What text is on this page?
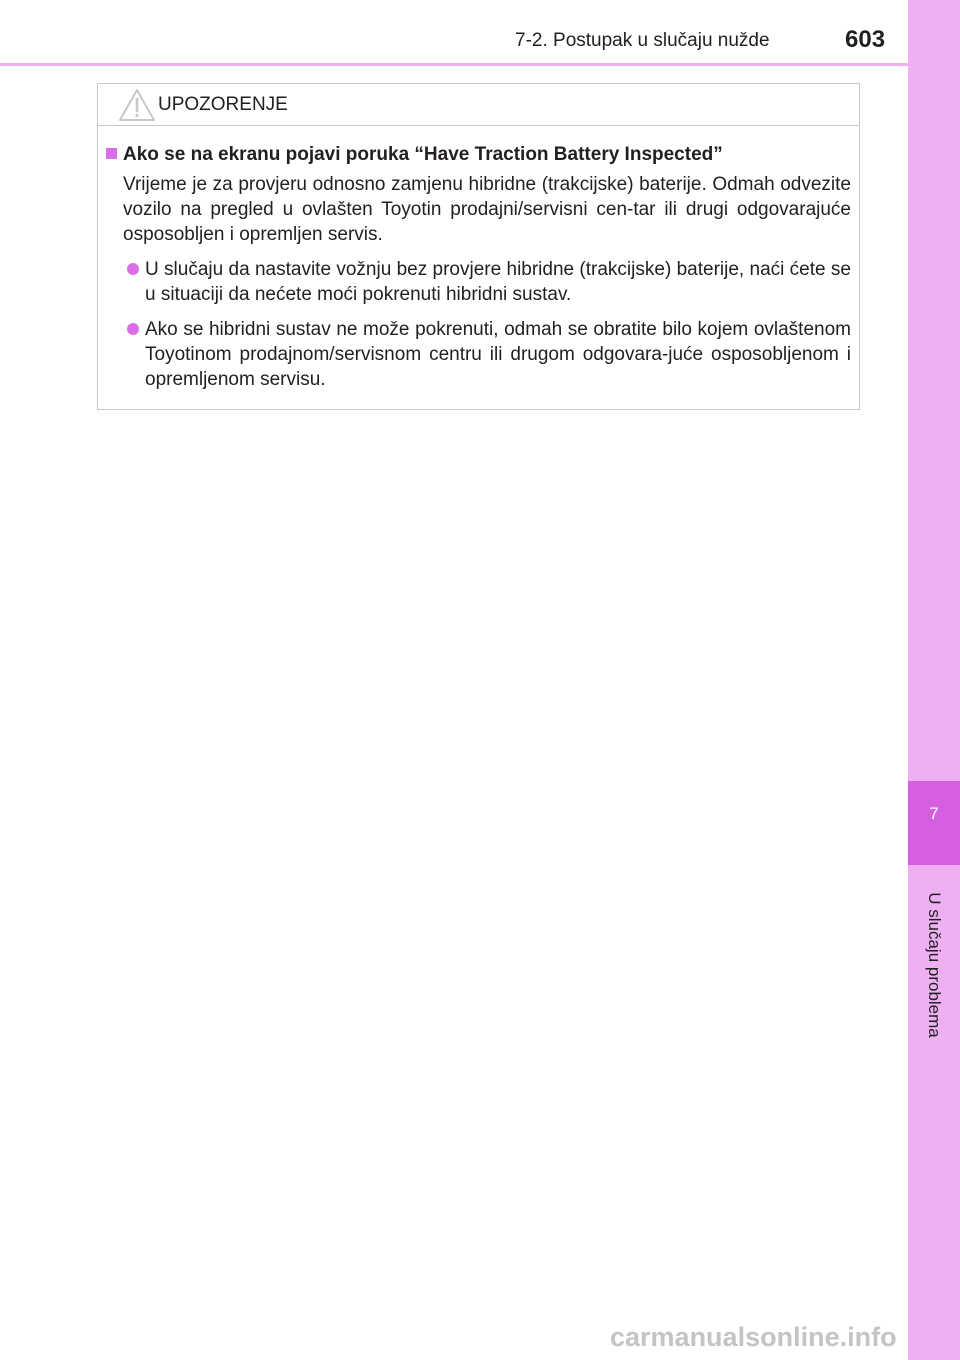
7-2. Postupak u slučaju nužde	603
7
U slučaju problema
UPOZORENJE
Ako se na ekranu pojavi poruka “Have Traction Battery Inspected”
Vrijeme je za provjeru odnosno zamjenu hibridne (trakcijske) baterije. Odmah odvezite vozilo na pregled u ovlašten Toyotin prodajni/servisni cen-tar ili drugi odgovarajuće osposobljen i opremljen servis.
U slučaju da nastavite vožnju bez provjere hibridne (trakcijske) baterije, naći ćete se u situaciji da nećete moći pokrenuti hibridni sustav.
Ako se hibridni sustav ne može pokrenuti, odmah se obratite bilo kojem ovlaštenom Toyotinom prodajnom/servisnom centru ili drugom odgovara-juće osposobljenom i opremljenom servisu.
carmanualsonline.info
